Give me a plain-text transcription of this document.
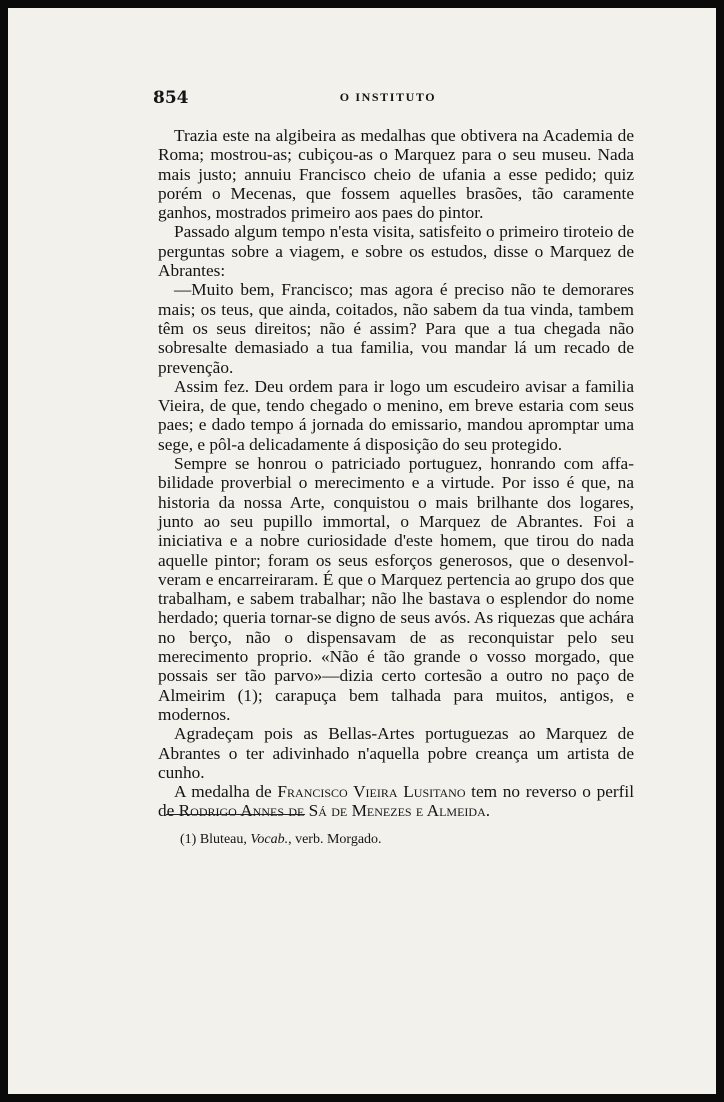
854	O INSTITUTO

Trazia este na algibeira as medalhas que obtivera na Academia de Roma; mostrou-as; cubiçou-as o Marquez para o seu museu. Nada mais justo; annuiu Francisco cheio de ufania a esse pedido; quiz porém o Mecenas, que fossem aquelles brasões, tão caramente ganhos, mostrados primeiro aos paes do pintor.

Passado algum tempo n'esta visita, satisfeito o primeiro tiroteio de perguntas sobre a viagem, e sobre os estudos, disse o Marquez de Abrantes:

—Muito bem, Francisco; mas agora é preciso não te demorares mais; os teus, que ainda, coitados, não sabem da tua vinda, tambem têm os seus direitos; não é assim? Para que a tua chegada não sobresalte demasiado a tua familia, vou mandar lá um recado de prevenção.

Assim fez. Deu ordem para ir logo um escudeiro avisar a familia Vieira, de que, tendo chegado o menino, em breve estaria com seus paes; e dado tempo á jornada do emissario, mandou apromptar uma sege, e pôl-a delicadamente á disposição do seu protegido.

Sempre se honrou o patriciado portuguez, honrando com affabilidade proverbial o merecimento e a virtude. Por isso é que, na historia da nossa Arte, conquistou o mais brilhante dos logares, junto ao seu pupillo immortal, o Marquez de Abrantes. Foi a iniciativa e a nobre curiosidade d'este homem, que tirou do nada aquelle pintor; foram os seus esforços generosos, que o desenvolveram e encarreiraram. É que o Marquez pertencia ao grupo dos que trabalham, e sabem trabalhar; não lhe bastava o esplendor do nome herdado; queria tornar-se digno de seus avós. As riquezas que achára no berço, não o dispensavam de as reconquistar pelo seu merecimento proprio. «Não é tão grande o vosso morgado, que possais ser tão parvo»—dizia certo cortesão a outro no paço de Almeirim (1); carapuça bem talhada para muitos, antigos, e modernos.

Agradeçam pois as Bellas-Artes portuguezas ao Marquez de Abrantes o ter adivinhado n'aquella pobre creança um artista de cunho.

A medalha de Francisco Vieira Lusitano tem no reverso o perfil de Rodrigo Annes de Sá de Menezes e Almeida.

(1) Bluteau, Vocab., verb. Morgado.
